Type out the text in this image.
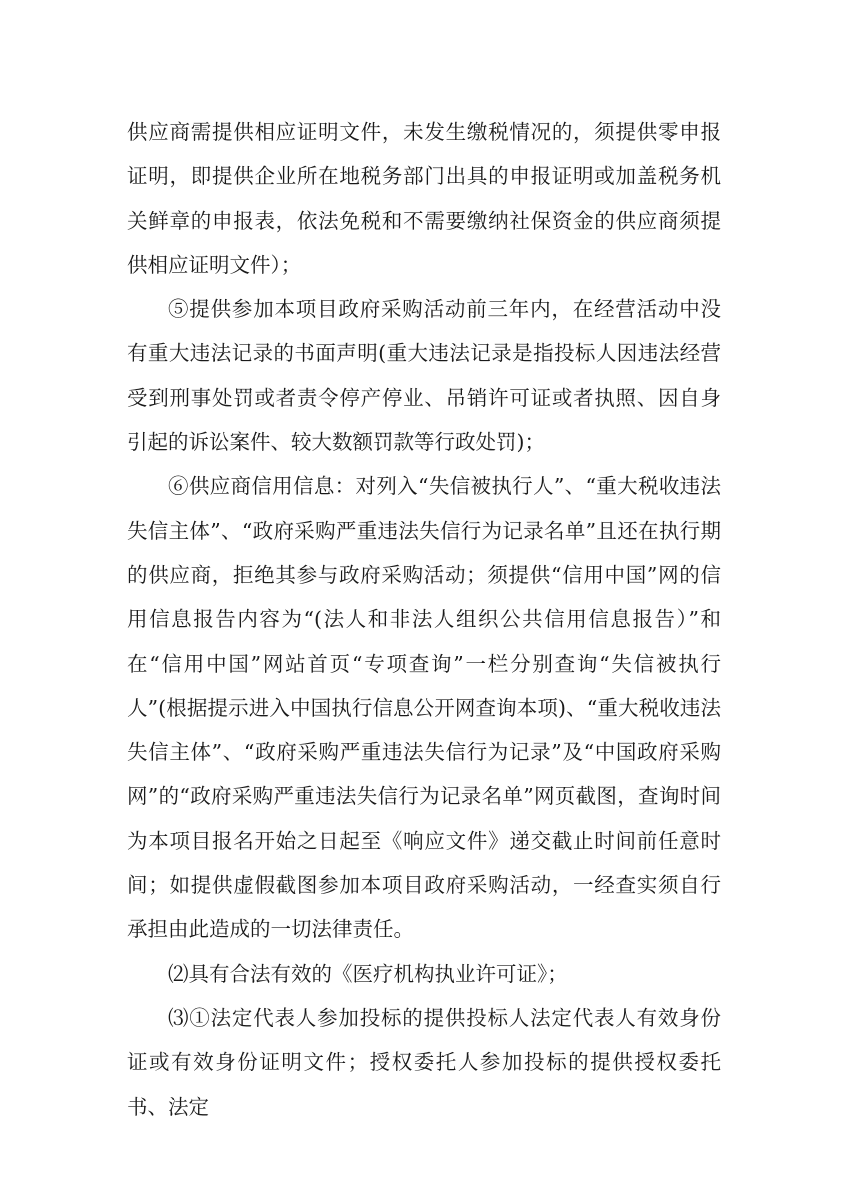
供应商需提供相应证明文件，未发生缴税情况的，须提供零申报证明，即提供企业所在地税务部门出具的申报证明或加盖税务机关鲜章的申报表，依法免税和不需要缴纳社保资金的供应商须提供相应证明文件）；

⑤提供参加本项目政府采购活动前三年内，在经营活动中没有重大违法记录的书面声明(重大违法记录是指投标人因违法经营受到刑事处罚或者责令停产停业、吊销许可证或者执照、因自身引起的诉讼案件、较大数额罚款等行政处罚)；

⑥供应商信用信息：对列入“失信被执行人”、“重大税收违法失信主体”、“政府采购严重违法失信行为记录名单”且还在执行期的供应商，拒绝其参与政府采购活动；须提供“信用中国”网的信用信息报告内容为“(法人和非法人组织公共信用信息报告）”和在“信用中国”网站首页“专项查询”一栏分别查询“失信被执行人”(根据提示进入中国执行信息公开网查询本项)、“重大税收违法失信主体”、“政府采购严重违法失信行为记录”及“中国政府采购网”的“政府采购严重违法失信行为记录名单”网页截图，查询时间为本项目报名开始之日起至《响应文件》递交截止时间前任意时间；如提供虚假截图参加本项目政府采购活动，一经查实须自行承担由此造成的一切法律责任。

⑵具有合法有效的《医疗机构执业许可证》；

⑶①法定代表人参加投标的提供投标人法定代表人有效身份证或有效身份证明文件；授权委托人参加投标的提供授权委托书、法定
